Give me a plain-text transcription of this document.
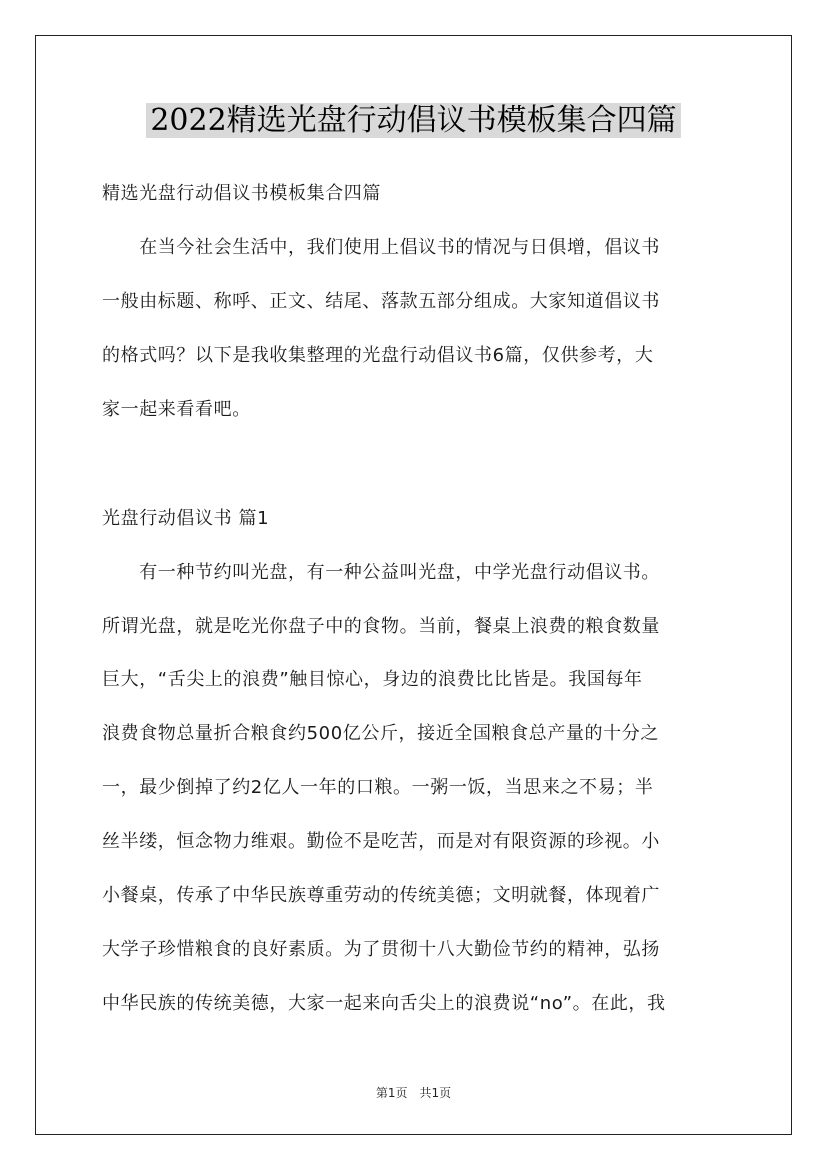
2022精选光盘行动倡议书模板集合四篇
精选光盘行动倡议书模板集合四篇
　　在当今社会生活中，我们使用上倡议书的情况与日俱增，倡议书
一般由标题、称呼、正文、结尾、落款五部分组成。大家知道倡议书
的格式吗？以下是我收集整理的光盘行动倡议书6篇，仅供参考，大
家一起来看看吧。
光盘行动倡议书 篇1
　　有一种节约叫光盘，有一种公益叫光盘，中学光盘行动倡议书。
所谓光盘，就是吃光你盘子中的食物。当前，餐桌上浪费的粮食数量
巨大，“舌尖上的浪费”触目惊心，身边的浪费比比皆是。我国每年
浪费食物总量折合粮食约500亿公斤，接近全国粮食总产量的十分之
一，最少倒掉了约2亿人一年的口粮。一粥一饭，当思来之不易；半
丝半缕，恒念物力维艰。勤俭不是吃苦，而是对有限资源的珍视。小
小餐桌，传承了中华民族尊重劳动的传统美德；文明就餐，体现着广
大学子珍惜粮食的良好素质。为了贯彻十八大勤俭节约的精神，弘扬
中华民族的传统美德，大家一起来向舌尖上的浪费说“no”。在此，我
第1页　共1页
